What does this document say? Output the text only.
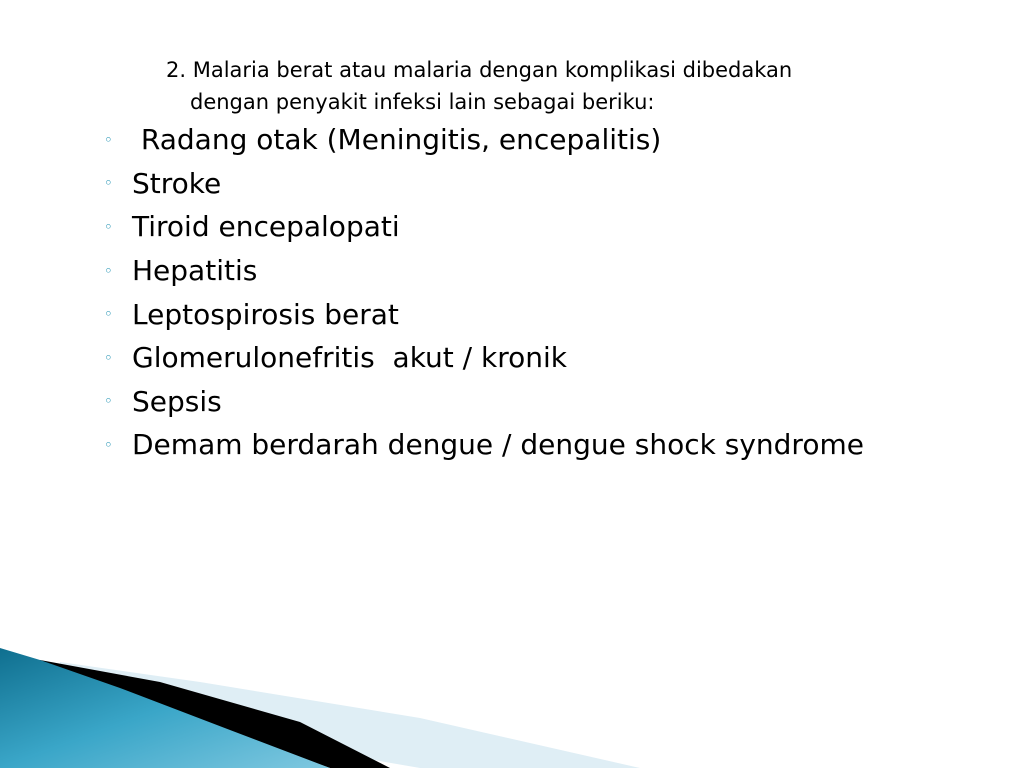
2. Malaria berat atau malaria dengan komplikasi dibedakan
dengan penyakit infeksi lain sebagai beriku:

◦ Radang otak (Meningitis, encepalitis)
◦ Stroke
◦ Tiroid encepalopati
◦ Hepatitis
◦ Leptospirosis berat
◦ Glomerulonefritis  akut / kronik
◦ Sepsis
◦ Demam berdarah dengue / dengue shock syndrome
